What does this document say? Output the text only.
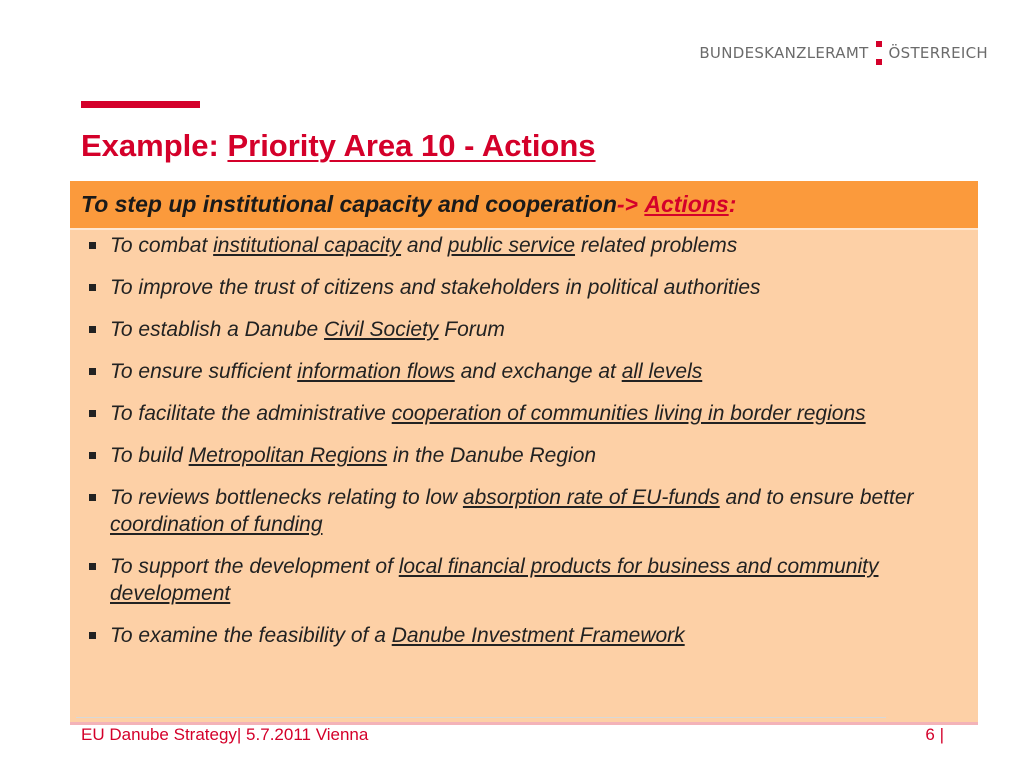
BUNDESKANZLERAMT ÖSTERREICH
Example: Priority Area 10 - Actions
To step up institutional capacity and cooperation ->
Actions :
To combat institutional capacity and public service related problems
To improve the trust of citizens and stakeholders in political authorities
To establish a Danube Civil Society Forum
To ensure sufficient information flows and exchange at all levels
To facilitate the administrative cooperation of communities living in border regions
To build Metropolitan Regions in the Danube Region
To reviews bottlenecks relating to low absorption rate of EU-funds and to ensure better coordination of funding
To support the development of local financial products for business and community development
To examine the feasibility of a Danube Investment Framework
EU Danube Strategy| 5.7.2011 Vienna	6 |
